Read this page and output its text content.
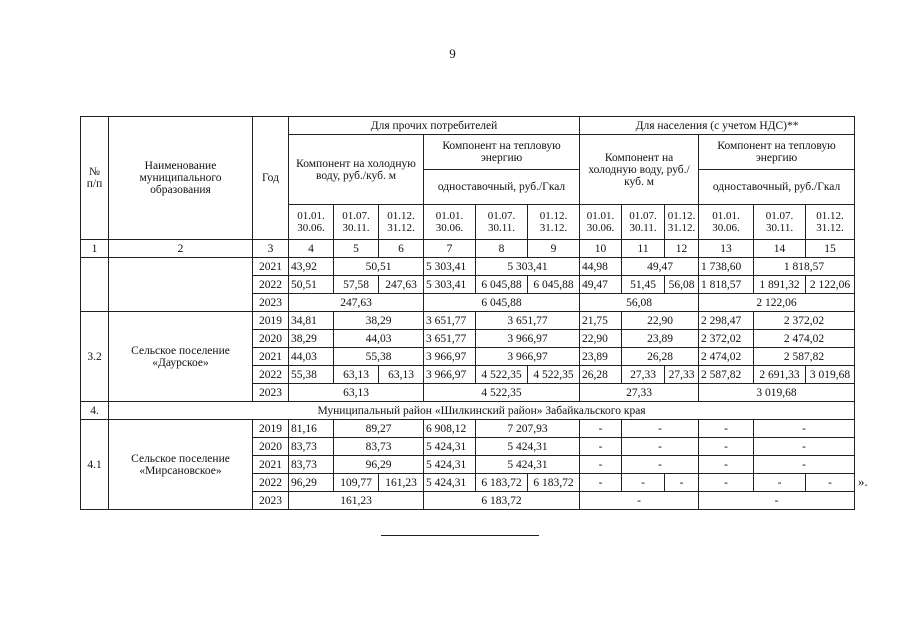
9
№ п/п	Наименование муниципального образования	Год	Для прочих потребителей						Для населения (с учетом НДС)**					
			Компонент на холодную воду, руб./куб. м			Компонент на тепловую энергию			Компонент на холодную воду, руб./куб. м			Компонент на тепловую энергию		
						одноставочный, руб./Гкал						одноставочный, руб./Гкал		
			01.01. 30.06.	01.07. 30.11.	01.12. 31.12.	01.01. 30.06.	01.07. 30.11.	01.12. 31.12.	01.01. 30.06.	01.07. 30.11.	01.12. 31.12.	01.01. 30.06.	01.07. 30.11.	01.12. 31.12.
1	2	3	4	5	6	7	8	9	10	11	12	13	14	15
		2021	43,92	50,51		5 303,41	5 303,41		44,98	49,47		1 738,60	1 818,57	
		2022	50,51	57,58	247,63	5 303,41	6 045,88	6 045,88	49,47	51,45	56,08	1 818,57	1 891,32	2 122,06
		2023	247,63			6 045,88			56,08			2 122,06		
3.2	Сельское поселение «Даурское»	2019	34,81	38,29		3 651,77	3 651,77		21,75	22,90		2 298,47	2 372,02	
		2020	38,29	44,03		3 651,77	3 966,97		22,90	23,89		2 372,02	2 474,02	
		2021	44,03	55,38		3 966,97	3 966,97		23,89	26,28		2 474,02	2 587,82	
		2022	55,38	63,13	63,13	3 966,97	4 522,35	4 522,35	26,28	27,33	27,33	2 587,82	2 691,33	3 019,68
		2023	63,13			4 522,35			27,33			3 019,68		
4.	Муниципальный район «Шилкинский район» Забайкальского края													
4.1	Сельское поселение «Мирсановское»	2019	81,16	89,27		6 908,12	7 207,93		-	-		-	-	
		2020	83,73	83,73		5 424,31	5 424,31		-	-		-	-	
		2021	83,73	96,29		5 424,31	5 424,31		-	-		-	-	
		2022	96,29	109,77	161,23	5 424,31	6 183,72	6 183,72	-	-	-	-	-	-
		2023	161,23			6 183,72			-			-		
».
